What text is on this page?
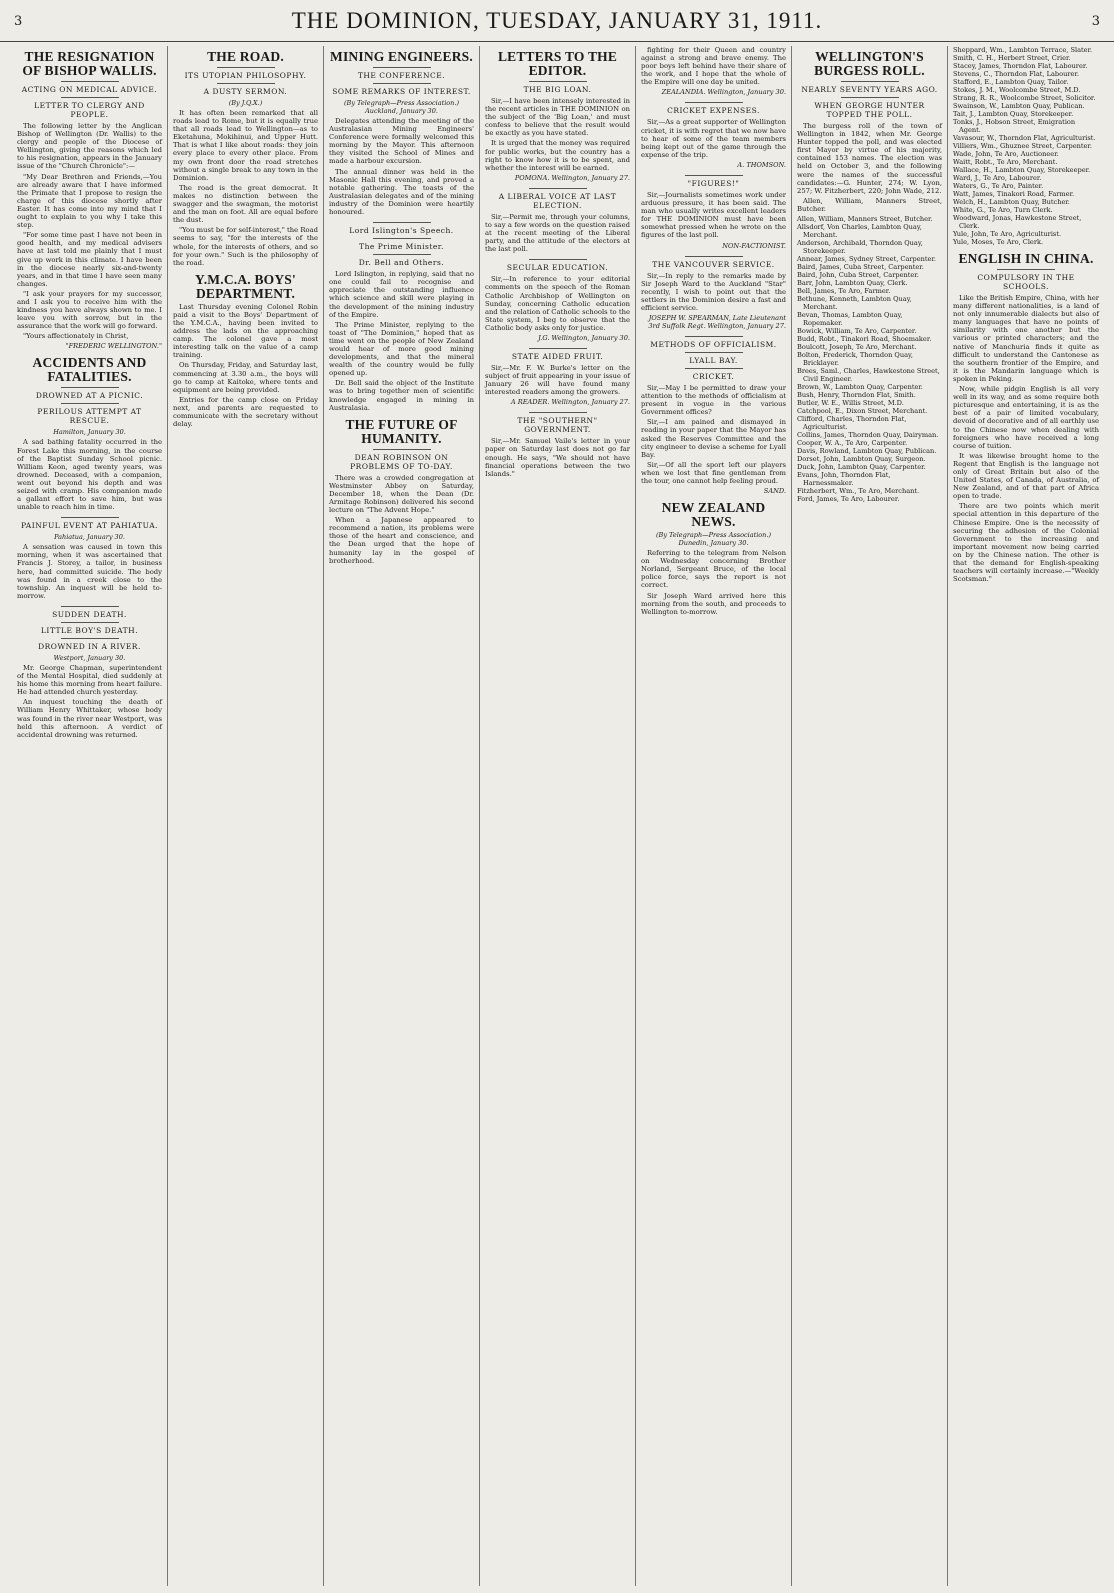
3	THE DOMINION, TUESDAY, JANUARY 31, 1911.	3
THE RESIGNATION OF BISHOP WALLIS.
ACTING ON MEDICAL ADVICE.
LETTER TO CLERGY AND PEOPLE.

The following letter by the Anglican Bishop of Wellington (Dr. Wallis) to the clergy and people of the Diocese of Wellington, giving the reasons which led to his resignation, appears in the January issue of the "Church Chronicle":—

"My Dear Brethren and Friends,—You are already aware that I have informed the Primate that I propose to resign the charge of this diocese shortly after Easter. It has come into my mind that I ought to explain to you why I take this step.

"For some time past I have not been in good health, and my medical advisers have at last told me plainly that I must give up work in this climate. I have been in the diocese nearly six-and-twenty years, and in that time I have seen many changes.

"I ask your prayers for my successor, and I ask you to receive him with the kindness you have always shown to me. I leave you with sorrow, but in the assurance that the work will go forward.

"Yours affectionately in Christ,

"FREDERIC WELLINGTON."
ACCIDENTS AND FATALITIES.
DROWNED AT A PICNIC.
PERILOUS ATTEMPT AT RESCUE.
Hamilton, January 30.

A sad bathing fatality occurred in the Forest Lake this morning, in the course of the Baptist Sunday School picnic. William Keon, aged twenty years, was drowned. Deceased, with a companion, went out beyond his depth and was seized with cramp. His companion made a gallant effort to save him, but was unable to reach him in time.

PAINFUL EVENT AT PAHIATUA.
Pahiatua, January 30.

A sensation was caused in town this morning, when it was ascertained that Francis J. Storey, a tailor, in business here, had committed suicide. The body was found in a creek close to the township. An inquest will be held to-morrow.

SUDDEN DEATH.
LITTLE BOY'S DEATH.
DROWNED IN A RIVER.
Westport, January 30.

Mr. George Chapman, superintendent of the Mental Hospital, died suddenly at his home this morning from heart failure. He had attended church yesterday.

An inquest touching the death of William Henry Whittaker, whose body was found in the river near Westport, was held this afternoon. A verdict of accidental drowning was returned.

THE ROAD.
ITS UTOPIAN PHILOSOPHY.
A DUSTY SERMON.
(By J.Q.X.)

It has often been remarked that all roads lead to Rome, but it is equally true that all roads lead to Wellington—as to Eketahuna, Mokihinui, and Upper Hutt. That is what I like about roads: they join every place to every other place. From my own front door the road stretches without a single break to any town in the Dominion.

The road is the great democrat. It makes no distinction between the swagger and the swagman, the motorist and the man on foot. All are equal before the dust.

"You must be for self-interest," the Road seems to say, "for the interests of the whole, for the interests of others, and so for your own." Such is the philosophy of the road.

Y.M.C.A. BOYS' DEPARTMENT.

Last Thursday evening Colonel Robin paid a visit to the Boys' Department of the Y.M.C.A., having been invited to address the lads on the approaching camp. The colonel gave a most interesting talk on the value of a camp training.

On Thursday, Friday, and Saturday last, commencing at 3.30 a.m., the boys will go to camp at Kaitoke, where tents and equipment are being provided.

Entries for the camp close on Friday next, and parents are requested to communicate with the secretary without delay.

MINING ENGINEERS.
THE CONFERENCE.
SOME REMARKS OF INTEREST.
(By Telegraph—Press Association.) Auckland, January 30.

Delegates attending the meeting of the Australasian Mining Engineers' Conference were formally welcomed this morning by the Mayor. This afternoon they visited the School of Mines and made a harbour excursion.

The annual dinner was held in the Masonic Hall this evening, and proved a notable gathering. The toasts of the Australasian delegates and of the mining industry of the Dominion were heartily honoured.

Lord Islington's Speech.
The Prime Minister.
Dr. Bell and Others.

Lord Islington, in replying, said that no one could fail to recognise and appreciate the outstanding influence which science and skill were playing in the development of the mining industry of the Empire.

The Prime Minister, replying to the toast of "The Dominion," hoped that as time went on the people of New Zealand would hear of more good mining developments, and that the mineral wealth of the country would be fully opened up.

Dr. Bell said the object of the Institute was to bring together men of scientific knowledge engaged in mining in Australasia.

THE FUTURE OF HUMANITY.
DEAN ROBINSON ON PROBLEMS OF TO-DAY.

There was a crowded congregation at Westminster Abbey on Saturday, December 18, when the Dean (Dr. Armitage Robinson) delivered his second lecture on "The Advent Hope."

When a Japanese appeared to recommend a nation, its problems were those of the heart and conscience, and the Dean urged that the hope of humanity lay in the gospel of brotherhood.

LETTERS TO THE EDITOR.
THE BIG LOAN.

Sir,—I have been intensely interested in the recent articles in THE DOMINION on the subject of the 'Big Loan,' and must confess to believe that the result would be exactly as you have stated.

It is urged that the money was required for public works, but the country has a right to know how it is to be spent, and whether the interest will be earned.

POMONA. Wellington, January 27.
A LIBERAL VOICE AT LAST ELECTION.

Sir,—Permit me, through your columns, to say a few words on the question raised at the recent meeting of the Liberal party, and the attitude of the electors at the last poll.

SECULAR EDUCATION.

Sir,—In reference to your editorial comments on the speech of the Roman Catholic Archbishop of Wellington on Sunday, concerning Catholic education and the relation of Catholic schools to the State system, I beg to observe that the Catholic body asks only for justice.

J.G. Wellington, January 30.
STATE AIDED FRUIT.

Sir,—Mr. F. W. Burke's letter on the subject of fruit appearing in your issue of January 26 will have found many interested readers among the growers.

A READER. Wellington, January 27.
THE "SOUTHERN" GOVERNMENT.

Sir,—Mr. Samuel Vaile's letter in your paper on Saturday last does not go far enough. He says, "We should not have financial operations between the two Islands."

fighting for their Queen and country against a strong and brave enemy. The poor boys left behind have their share of the work, and I hope that the whole of the Empire will one day be united.

ZEALANDIA. Wellington, January 30.
CRICKET EXPENSES.

Sir,—As a great supporter of Wellington cricket, it is with regret that we now have to hear of some of the team members being kept out of the game through the expense of the trip.

A. THOMSON.
"FIGURES!"

Sir,—Journalists sometimes work under arduous pressure, it has been said. The man who usually writes excellent leaders for THE DOMINION must have been somewhat pressed when he wrote on the figures of the last poll.

NON-FACTIONIST.
THE VANCOUVER SERVICE.

Sir,—In reply to the remarks made by Sir Joseph Ward to the Auckland "Star" recently, I wish to point out that the settlers in the Dominion desire a fast and efficient service.

JOSEPH W. SPEARMAN, Late Lieutenant 3rd Suffolk Regt. Wellington, January 27.
METHODS OF OFFICIALISM.
LYALL BAY.
CRICKET.

Sir,—May I be permitted to draw your attention to the methods of officialism at present in vogue in the various Government offices?

Sir,—I am pained and dismayed in reading in your paper that the Mayor has asked the Reserves Committee and the city engineer to devise a scheme for Lyall Bay.

Sir,—Of all the sport left our players when we lost that fine gentleman from the tour, one cannot help feeling proud.

SAND.
NEW ZEALAND NEWS.
(By Telegraph—Press Association.) Dunedin, January 30.

Referring to the telegram from Nelson on Wednesday concerning Brother Norland, Sergeant Bruce, of the local police force, says the report is not correct.

Sir Joseph Ward arrived here this morning from the south, and proceeds to Wellington to-morrow.

WELLINGTON'S BURGESS ROLL.
NEARLY SEVENTY YEARS AGO.
WHEN GEORGE HUNTER TOPPED THE POLL.

The burgess roll of the town of Wellington in 1842, when Mr. George Hunter topped the poll, and was elected first Mayor by virtue of his majority, contained 153 names. The election was held on October 3, and the following were the names of the successful candidates:—G. Hunter, 274; W. Lyon, 257; W. Fitzherbert, 220; John Wade, 212.

Allen, William, Manners Street, Butcher.

Allen, William, Manners Street, Butcher.
Allsdorf, Von Charles, Lambton Quay, Merchant.
Anderson, Archibald, Thorndon Quay, Storekeeper.
Annear, James, Sydney Street, Carpenter.
Baird, James, Cuba Street, Carpenter.
Baird, John, Cuba Street, Carpenter.
Barr, John, Lambton Quay, Clerk.
Bell, James, Te Aro, Farmer.
Bethune, Kenneth, Lambton Quay, Merchant.
Bevan, Thomas, Lambton Quay, Ropemaker.
Bowick, William, Te Aro, Carpenter.
Budd, Robt., Tinakori Road, Shoemaker.
Boulcott, Joseph, Te Aro, Merchant.
Bolton, Frederick, Thorndon Quay, Bricklayer.
Brees, Saml., Charles, Hawkestone Street, Civil Engineer.
Brown, W., Lambton Quay, Carpenter.
Bush, Henry, Thorndon Flat, Smith.
Butler, W. E., Willis Street, M.D.
Catchpool, E., Dixon Street, Merchant.
Clifford, Charles, Thorndon Flat, Agriculturist.
Collins, James, Thorndon Quay, Dairyman.
Cooper, W. A., Te Aro, Carpenter.
Davis, Rowland, Lambton Quay, Publican.
Dorset, John, Lambton Quay, Surgeon.
Duck, John, Lambton Quay, Carpenter.
Evans, John, Thorndon Flat, Harnessmaker.
Fitzherbert, Wm., Te Aro, Merchant.
Ford, James, Te Aro, Labourer.
Sheppard, Wm., Lambton Terrace, Slater.
Smith, C. H., Herbert Street, Crier.
Stacey, James, Thorndon Flat, Labourer.
Stevens, C., Thorndon Flat, Labourer.
Stafford, E., Lambton Quay, Tailor.
Stokes, J. M., Woolcombe Street, M.D.
Strang, R. R., Woolcombe Street, Solicitor.
Swainson, W., Lambton Quay, Publican.
Tait, J., Lambton Quay, Storekeeper.
Tonks, J., Hobson Street, Emigration Agent.
Vavasour, W., Thorndon Flat, Agriculturist.
Villiers, Wm., Ghuznee Street, Carpenter.
Wade, John, Te Aro, Auctioneer.
Waitt, Robt., Te Aro, Merchant.
Wallace, H., Lambton Quay, Storekeeper.
Ward, J., Te Aro, Labourer.
Waters, G., Te Aro, Painter.
Watt, James, Tinakori Road, Farmer.
Welch, H., Lambton Quay, Butcher.
White, G., Te Aro, Turn Clerk.
Woodward, Jonas, Hawkestone Street, Clerk.
Yule, John, Te Aro, Agriculturist.
Yule, Moses, Te Aro, Clerk.
ENGLISH IN CHINA.
COMPULSORY IN THE SCHOOLS.

Like the British Empire, China, with her many different nationalities, is a land of not only innumerable dialects but also of many languages that have no points of similarity with one another but the various or printed characters; and the native of Manchuria finds it quite as difficult to understand the Cantonese as the southern frontier of the Empire, and it is the Mandarin language which is spoken in Peking.

Now, while pidgin English is all very well in its way, and as some require both picturesque and entertaining, it is as the best of a pair of limited vocabulary, devoid of decorative and of all earthly use to the Chinese now when dealing with foreigners who have received a long course of tuition.

It was likewise brought home to the Regent that English is the language not only of Great Britain but also of the United States, of Canada, of Australia, of New Zealand, and of that part of Africa open to trade.

There are two points which merit special attention in this departure of the Chinese Empire. One is the necessity of securing the adhesion of the Colonial Government to the increasing and important movement now being carried on by the Chinese nation. The other is that the demand for English-speaking teachers will certainly increase.—"Weekly Scotsman."
